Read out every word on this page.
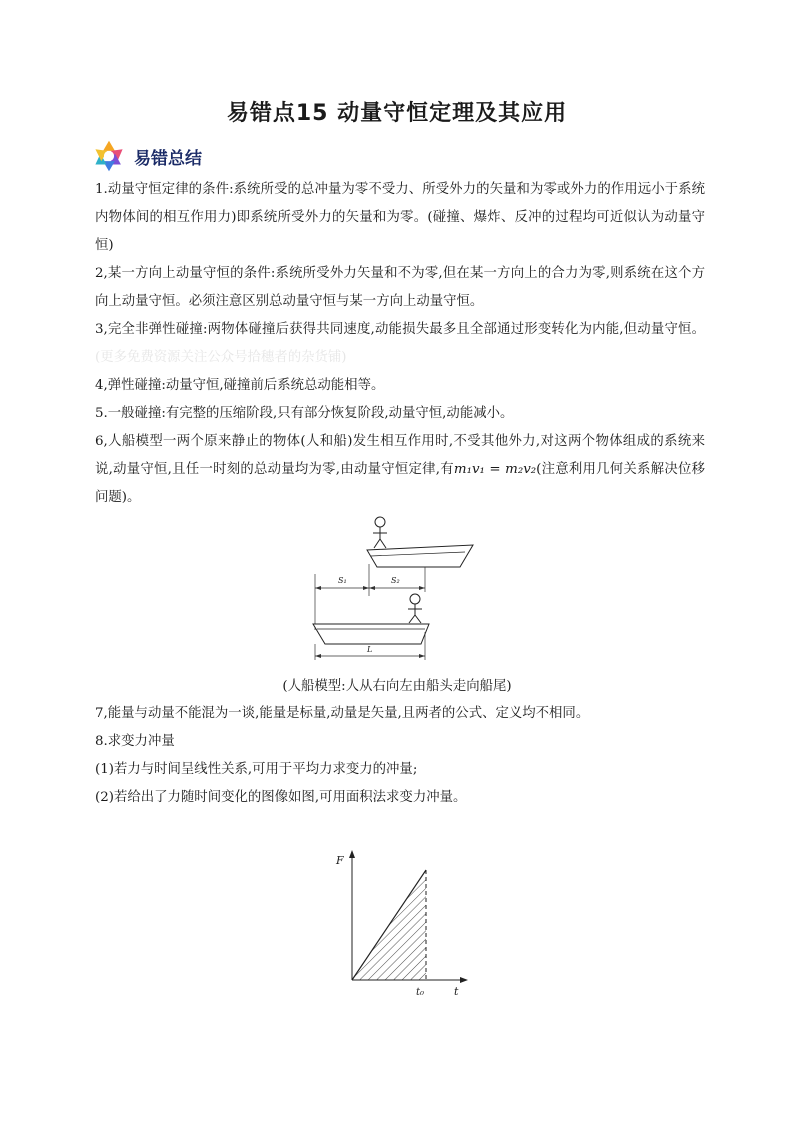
易错点15 动量守恒定理及其应用
易错总结

1.动量守恒定律的条件:系统所受的总冲量为零不受力、所受外力的矢量和为零或外力的作用远小于系统内物体间的相互作用力)即系统所受外力的矢量和为零。(碰撞、爆炸、反冲的过程均可近似认为动量守恒)

2,某一方向上动量守恒的条件:系统所受外力矢量和不为零,但在某一方向上的合力为零,则系统在这个方向上动量守恒。必须注意区别总动量守恒与某一方向上动量守恒。

3,完全非弹性碰撞:两物体碰撞后获得共同速度,动能损失最多且全部通过形变转化为内能,但动量守恒。(更多免费资源关注公众号拾穗者的杂货铺)

4,弹性碰撞:动量守恒,碰撞前后系统总动能相等。

5.一般碰撞:有完整的压缩阶段,只有部分恢复阶段,动量守恒,动能减小。

6,人船模型一两个原来静止的物体(人和船)发生相互作用时,不受其他外力,对这两个物体组成的系统来说,动量守恒,且任一时刻的总动量均为零,由动量守恒定律,有m₁v₁ = m₂v₂(注意利用几何关系解决位移问题)。

S₁	S₂
L
(人船模型:人从右向左由船头走向船尾)

7,能量与动量不能混为一谈,能量是标量,动量是矢量,且两者的公式、定义均不相同。

8.求变力冲量

(1)若力与时间呈线性关系,可用于平均力求变力的冲量;

(2)若给出了力随时间变化的图像如图,可用面积法求变力冲量。

F
t
t₀
